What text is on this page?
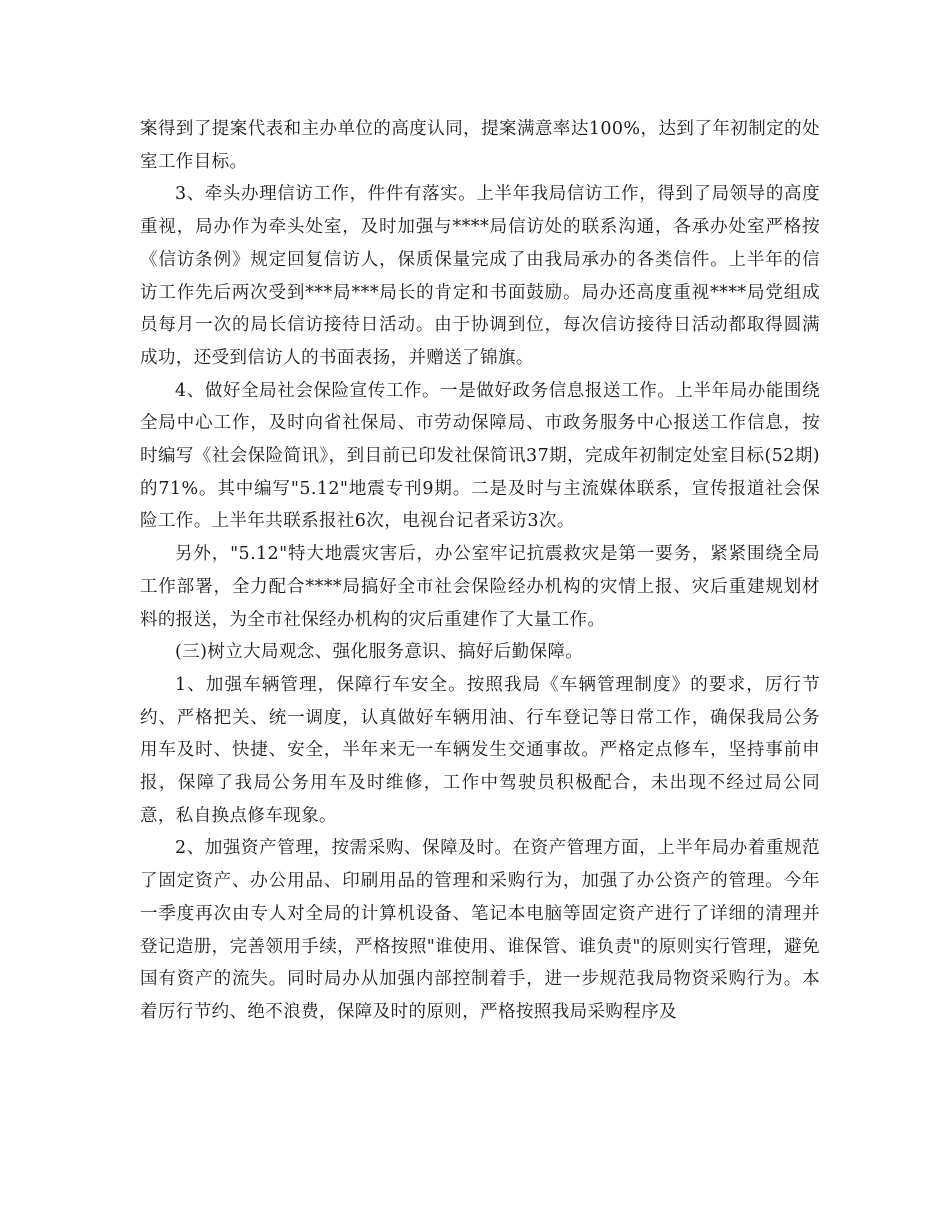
案得到了提案代表和主办单位的高度认同，提案满意率达100%，达到了年初制定的处室工作目标。

3、牵头办理信访工作，件件有落实。上半年我局信访工作，得到了局领导的高度重视，局办作为牵头处室，及时加强与****局信访处的联系沟通，各承办处室严格按《信访条例》规定回复信访人，保质保量完成了由我局承办的各类信件。上半年的信访工作先后两次受到***局***局长的肯定和书面鼓励。局办还高度重视****局党组成员每月一次的局长信访接待日活动。由于协调到位，每次信访接待日活动都取得圆满成功，还受到信访人的书面表扬，并赠送了锦旗。

4、做好全局社会保险宣传工作。一是做好政务信息报送工作。上半年局办能围绕全局中心工作，及时向省社保局、市劳动保障局、市政务服务中心报送工作信息，按时编写《社会保险简讯》，到目前已印发社保简讯37期，完成年初制定处室目标(52期)的71%。其中编写"5.12"地震专刊9期。二是及时与主流媒体联系，宣传报道社会保险工作。上半年共联系报社6次，电视台记者采访3次。

另外，"5.12"特大地震灾害后，办公室牢记抗震救灾是第一要务，紧紧围绕全局工作部署，全力配合****局搞好全市社会保险经办机构的灾情上报、灾后重建规划材料的报送，为全市社保经办机构的灾后重建作了大量工作。

(三)树立大局观念、强化服务意识、搞好后勤保障。

1、加强车辆管理，保障行车安全。按照我局《车辆管理制度》的要求，厉行节约、严格把关、统一调度，认真做好车辆用油、行车登记等日常工作，确保我局公务用车及时、快捷、安全，半年来无一车辆发生交通事故。严格定点修车，坚持事前申报，保障了我局公务用车及时维修，工作中驾驶员积极配合，未出现不经过局公同意，私自换点修车现象。

2、加强资产管理，按需采购、保障及时。在资产管理方面，上半年局办着重规范了固定资产、办公用品、印刷用品的管理和采购行为，加强了办公资产的管理。今年一季度再次由专人对全局的计算机设备、笔记本电脑等固定资产进行了详细的清理并登记造册，完善领用手续，严格按照"谁使用、谁保管、谁负责"的原则实行管理，避免国有资产的流失。同时局办从加强内部控制着手，进一步规范我局物资采购行为。本着厉行节约、绝不浪费，保障及时的原则，严格按照我局采购程序及
